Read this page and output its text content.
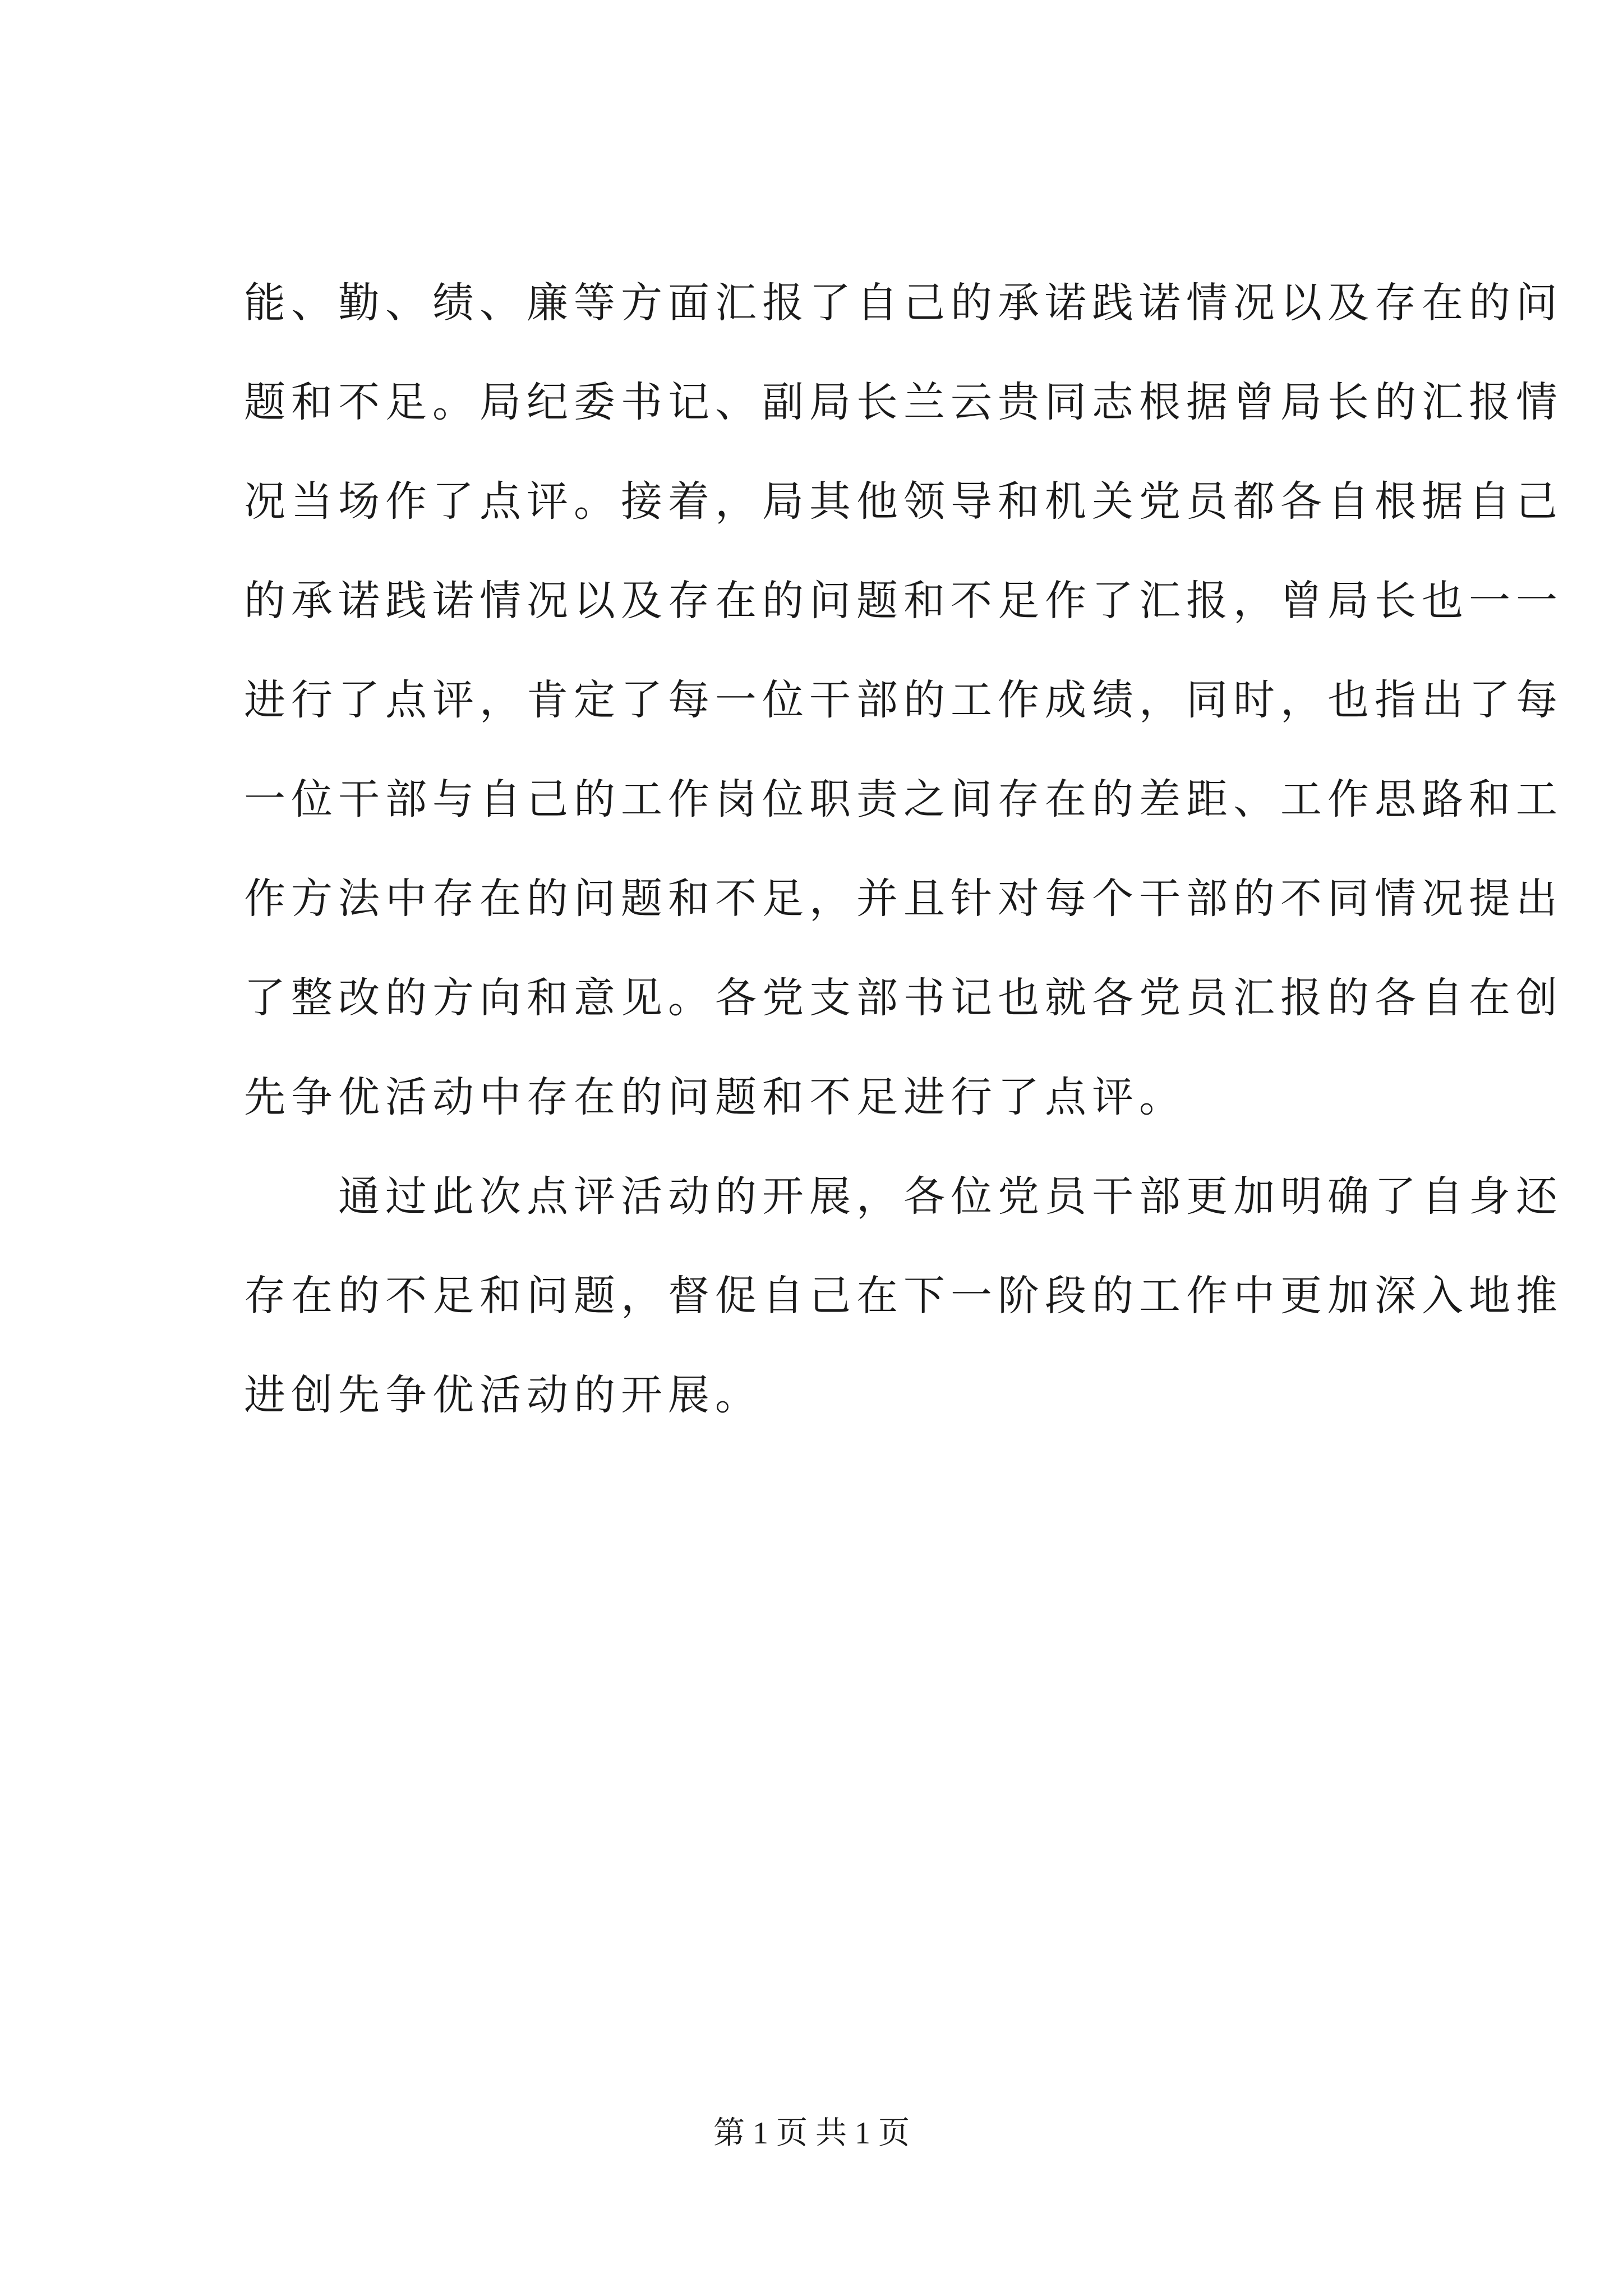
能、勤、绩、廉等方面汇报了自己的承诺践诺情况以及存在的问
题和不足。局纪委书记、副局长兰云贵同志根据曾局长的汇报情
况当场作了点评。接着，局其他领导和机关党员都各自根据自己
的承诺践诺情况以及存在的问题和不足作了汇报，曾局长也一一
进行了点评，肯定了每一位干部的工作成绩，同时，也指出了每
一位干部与自己的工作岗位职责之间存在的差距、工作思路和工
作方法中存在的问题和不足，并且针对每个干部的不同情况提出
了整改的方向和意见。各党支部书记也就各党员汇报的各自在创
先争优活动中存在的问题和不足进行了点评。
　　通过此次点评活动的开展，各位党员干部更加明确了自身还
存在的不足和问题，督促自己在下一阶段的工作中更加深入地推
进创先争优活动的开展。
第 1 页 共 1 页
